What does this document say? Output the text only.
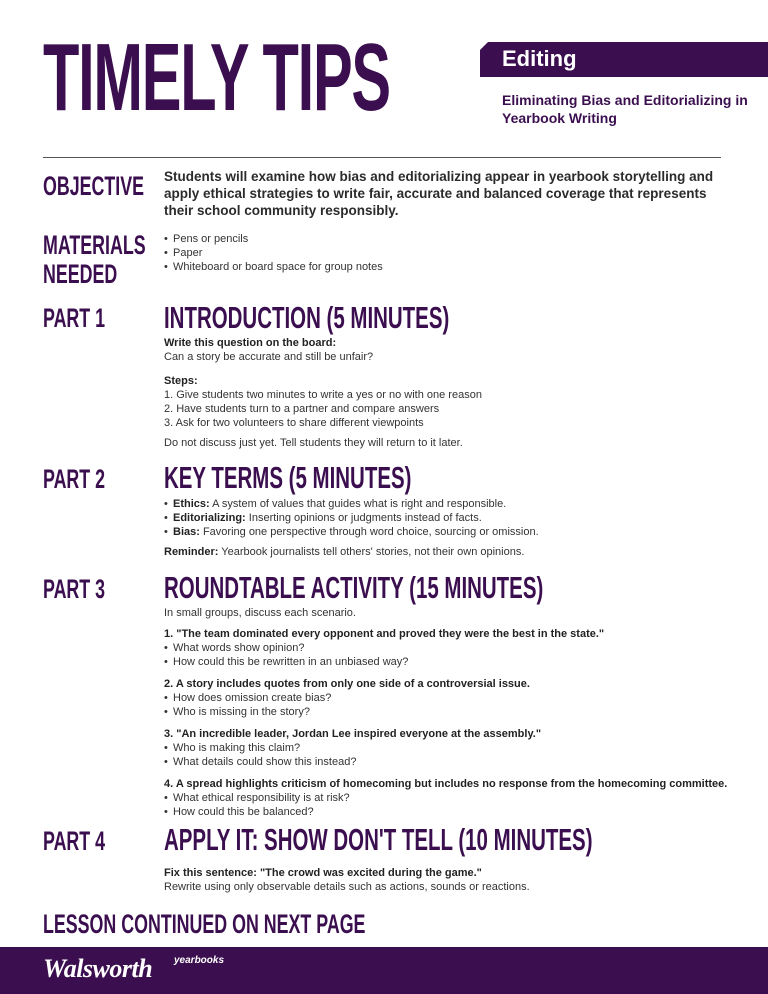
TIMELY TIPS	Editing
Eliminating Bias and Editorializing in Yearbook Writing
OBJECTIVE Students will examine how bias and editorializing appear in yearbook storytelling and apply ethical strategies to write fair, accurate and balanced coverage that represents their school community responsibly.
MATERIALS
NEEDED
• Pens or pencils
• Paper
• Whiteboard or board space for group notes
PART 1 INTRODUCTION (5 MINUTES)

Write this question on the board:

Can a story be accurate and still be unfair?

Steps:

1. Give students two minutes to write a yes or no with one reason

2. Have students turn to a partner and compare answers

3. Ask for two volunteers to share different viewpoints

Do not discuss just yet. Tell students they will return to it later.

PART 2 KEY TERMS (5 MINUTES)
• Ethics: A system of values that guides what is right and responsible.
• Editorializing: Inserting opinions or judgments instead of facts.
• Bias: Favoring one perspective through word choice, sourcing or omission.

Reminder: Yearbook journalists tell others' stories, not their own opinions.

PART 3 ROUNDTABLE ACTIVITY (15 MINUTES)

In small groups, discuss each scenario.

1. "The team dominated every opponent and proved they were the best in the state."

• What words show opinion?
• How could this be rewritten in an unbiased way?

2. A story includes quotes from only one side of a controversial issue.

• How does omission create bias?
• Who is missing in the story?

3. "An incredible leader, Jordan Lee inspired everyone at the assembly."

• Who is making this claim?
• What details could show this instead?

4. A spread highlights criticism of homecoming but includes no response from the homecoming committee.

• What ethical responsibility is at risk?
• How could this be balanced?
PART 4 APPLY IT: SHOW DON'T TELL (10 MINUTES)

Fix this sentence: "The crowd was excited during the game."

Rewrite using only observable details such as actions, sounds or reactions.

LESSON CONTINUED ON NEXT PAGE
Walsworth yearbooks
